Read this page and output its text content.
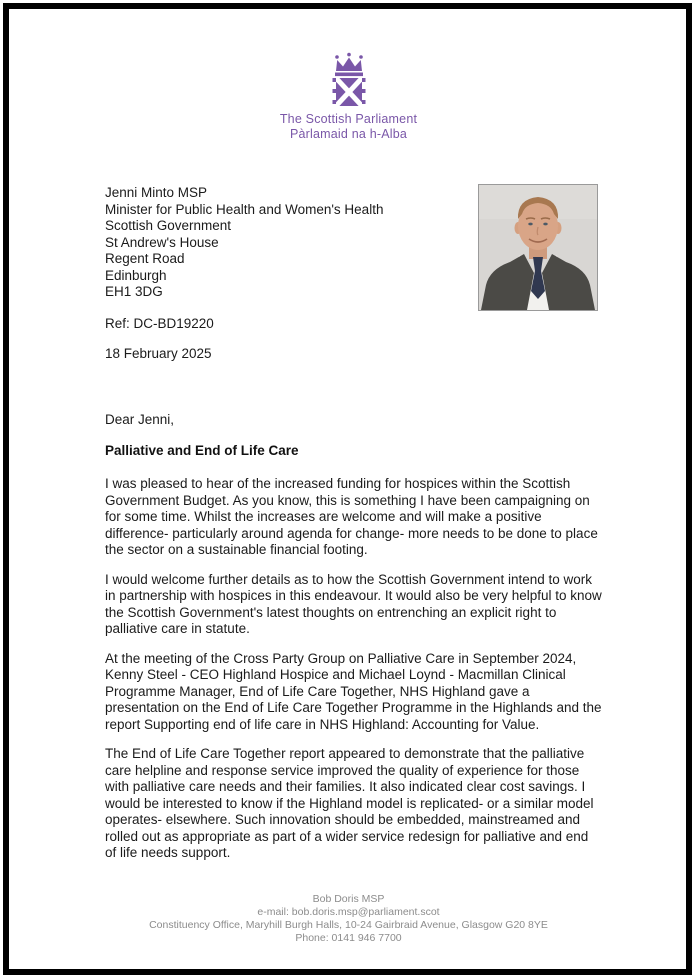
The Scottish Parliament
Pàrlamaid na h-Alba
Jenni Minto MSP
Minister for Public Health and Women's Health
Scottish Government
St Andrew's House
Regent Road
Edinburgh
EH1 3DG
Ref: DC-BD19220
18 February 2025
Dear Jenni,
Palliative and End of Life Care

I was pleased to hear of the increased funding for hospices within the Scottish Government Budget. As you know, this is something I have been campaigning on for some time. Whilst the increases are welcome and will make a positive difference- particularly around agenda for change- more needs to be done to place the sector on a sustainable financial footing.

I would welcome further details as to how the Scottish Government intend to work in partnership with hospices in this endeavour. It would also be very helpful to know the Scottish Government's latest thoughts on entrenching an explicit right to palliative care in statute.

At the meeting of the Cross Party Group on Palliative Care in September 2024, Kenny Steel - CEO Highland Hospice and Michael Loynd - Macmillan Clinical Programme Manager, End of Life Care Together, NHS Highland gave a presentation on the End of Life Care Together Programme in the Highlands and the report Supporting end of life care in NHS Highland: Accounting for Value.

The End of Life Care Together report appeared to demonstrate that the palliative care helpline and response service improved the quality of experience for those with palliative care needs and their families. It also indicated clear cost savings. I would be interested to know if the Highland model is replicated- or a similar model operates- elsewhere. Such innovation should be embedded, mainstreamed and rolled out as appropriate as part of a wider service redesign for palliative and end of life needs support.

Bob Doris MSP
e-mail: bob.doris.msp@parliament.scot
Constituency Office, Maryhill Burgh Halls, 10-24 Gairbraid Avenue, Glasgow G20 8YE
Phone: 0141 946 7700
